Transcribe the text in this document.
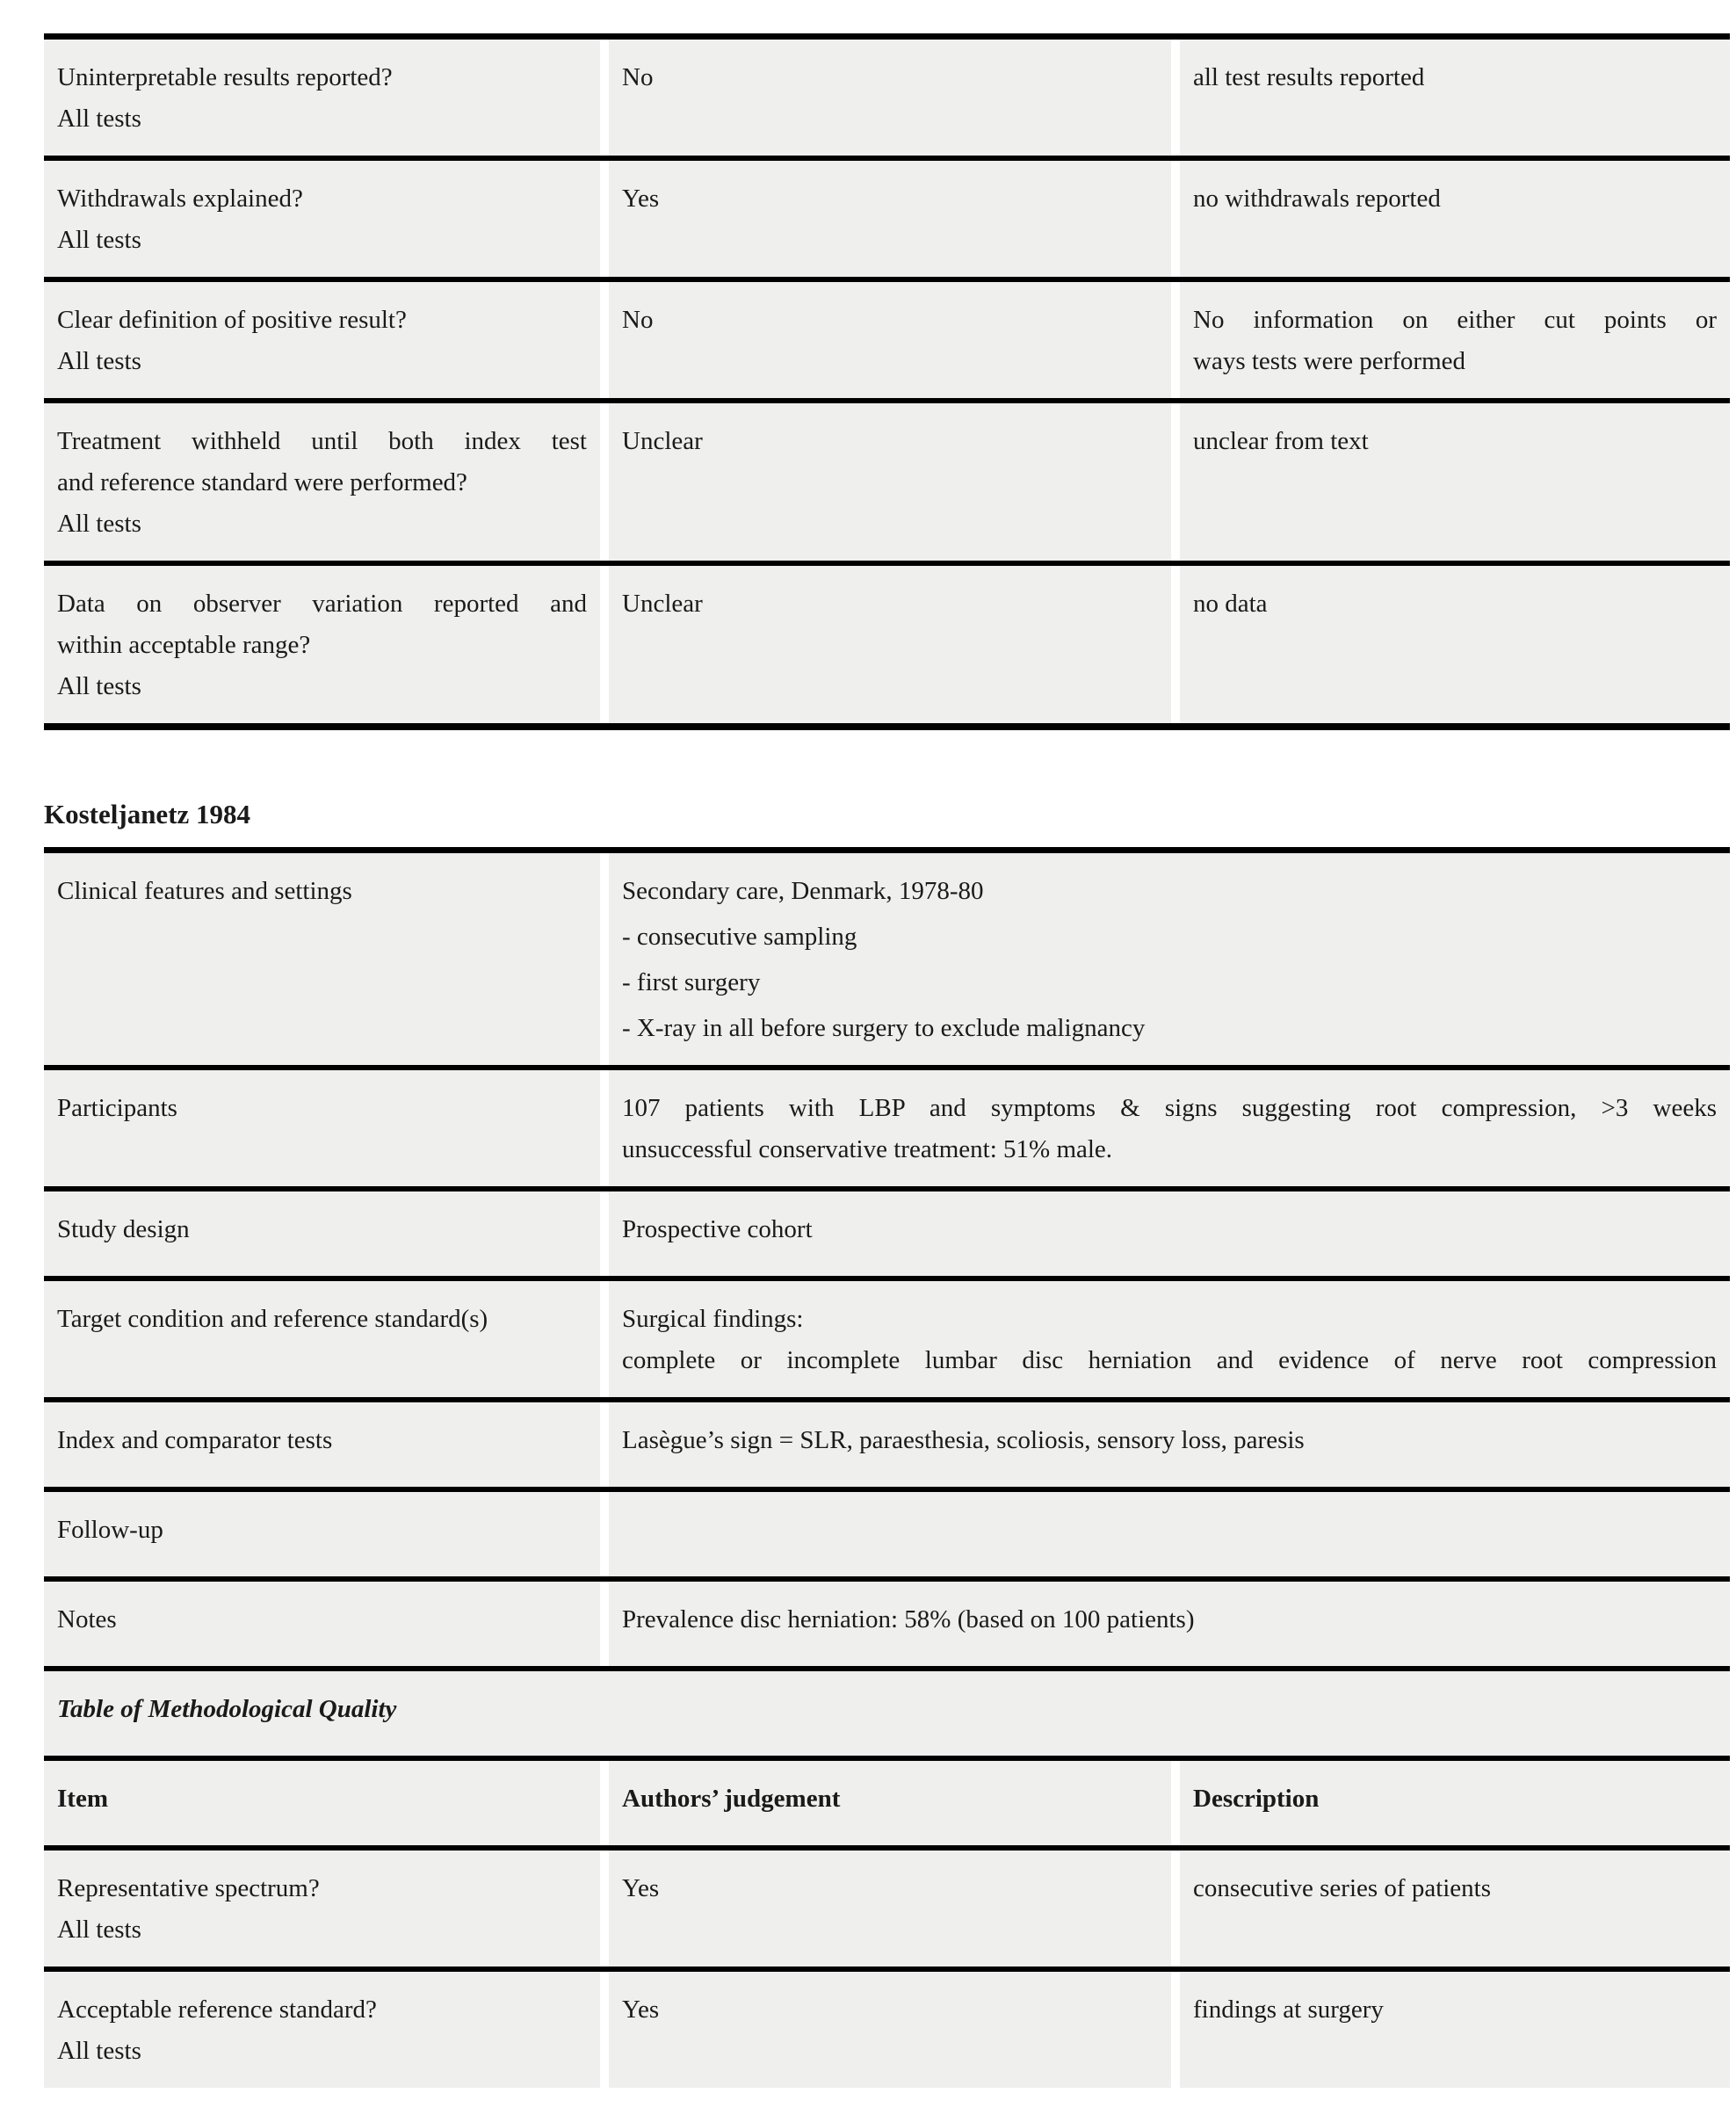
Uninterpretable results reported?
All tests
No	all test results reported
Withdrawals explained?
All tests
Yes	no withdrawals reported
Clear definition of positive result?
All tests
No	No information on either cut points or
ways tests were performed
Treatment withheld until both index test
and reference standard were performed?
All tests
Unclear	unclear from text
Data on observer variation reported and
within acceptable range?
All tests
Unclear	no data
Kosteljanetz 1984
Clinical features and settings	Secondary care, Denmark, 1978-80
- consecutive sampling
- first surgery
- X-ray in all before surgery to exclude malignancy
Participants	107 patients with LBP and symptoms & signs suggesting root compression, >3 weeks
unsuccessful conservative treatment: 51% male.
Study design	Prospective cohort
Target condition and reference standard(s)	Surgical findings:
complete or incomplete lumbar disc herniation and evidence of nerve root compression
Index and comparator tests	Lasègue’s sign = SLR, paraesthesia, scoliosis, sensory loss, paresis
Follow-up
Notes	Prevalence disc herniation: 58% (based on 100 patients)
Table of Methodological Quality
Item	Authors’ judgement	Description
Representative spectrum?
All tests
Yes	consecutive series of patients
Acceptable reference standard?
All tests
Yes	findings at surgery
